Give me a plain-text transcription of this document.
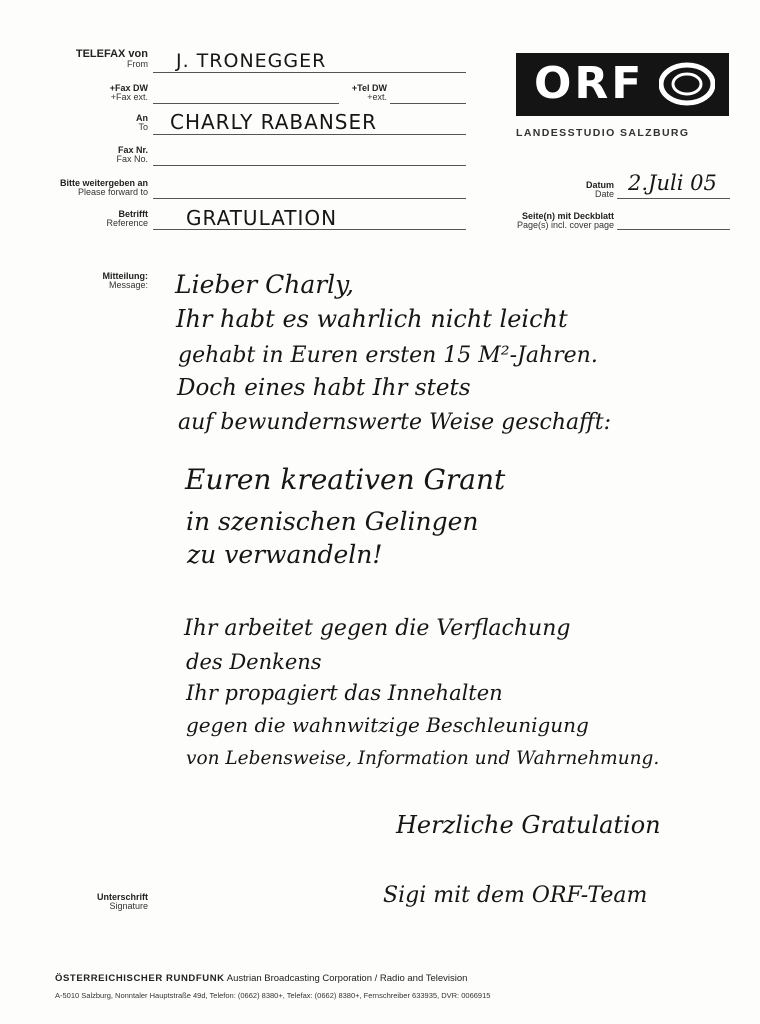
TELEFAX von
From J. TRONEGGER
+Fax DW
+Fax ext.
+Tel DW
+ext.
An
To CHARLY RABANSER
Fax Nr.
Fax No.
Bitte weitergeben an
Please forward to
Betrifft
Reference GRATULATION
ORF
LANDESSTUDIO SALZBURG
Datum
Date 2.Juli 05
Seite(n) mit Deckblatt
Page(s) incl. cover page
Mitteilung:
Message: Lieber Charly,
Ihr habt es wahrlich nicht leicht
gehabt in Euren ersten 15 M²-Jahren.
Doch eines habt Ihr stets
auf bewundernswerte Weise geschafft:
Euren kreativen Grant
in szenischen Gelingen
zu verwandeln!
Ihr arbeitet gegen die Verflachung
des Denkens
Ihr propagiert das Innehalten
gegen die wahnwitzige Beschleunigung
von Lebensweise, Information und Wahrnehmung.
Herzliche Gratulation
Unterschrift
Signature	Sigi mit dem ORF-Team
ÖSTERREICHISCHER RUNDFUNK Austrian Broadcasting Corporation / Radio and Television
A-5010 Salzburg, Nonntaler Hauptstraße 49d, Telefon: (0662) 8380+, Telefax: (0662) 8380+, Fernschreiber 633935, DVR: 0066915
